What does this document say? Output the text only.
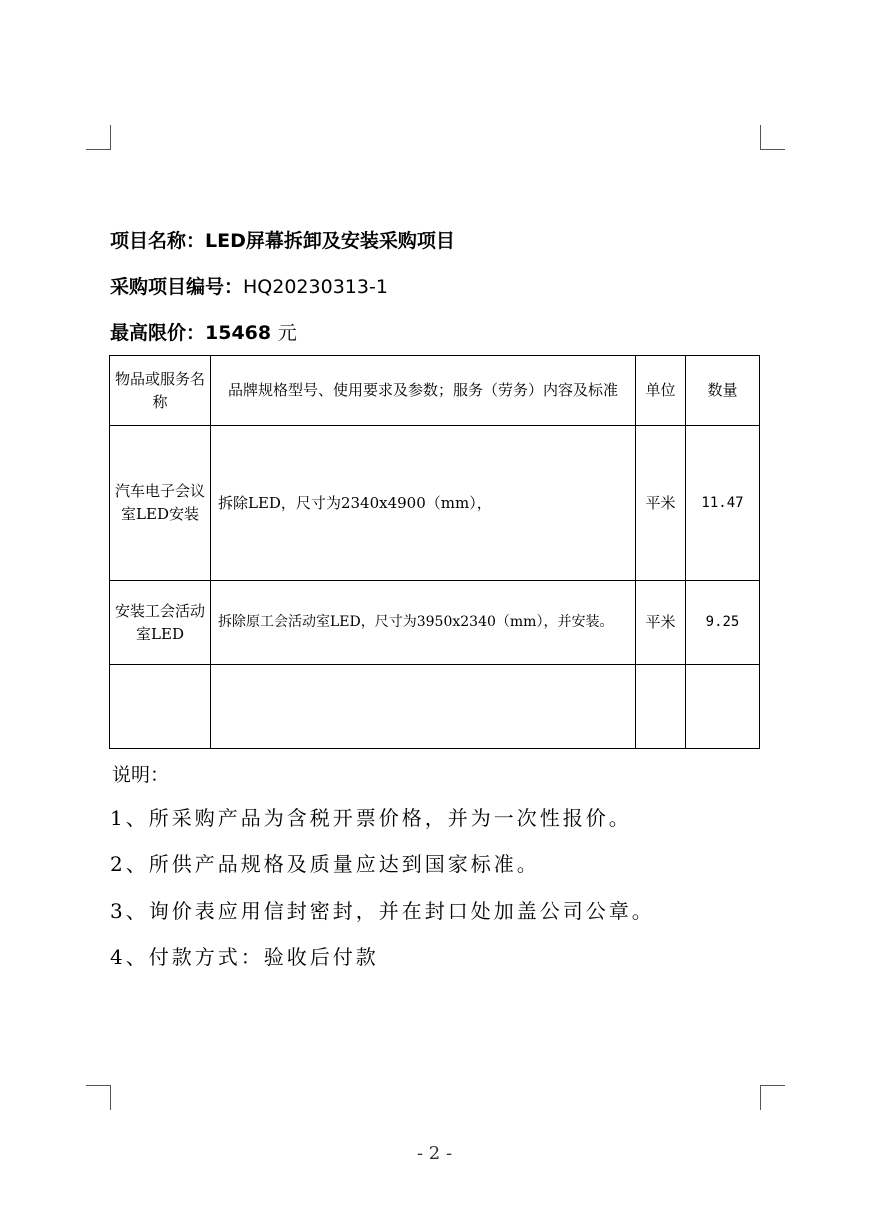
项目名称：LED屏幕拆卸及安装采购项目
采购项目编号：HQ20230313-1
最高限价：15468 元
物品或服务名称	品牌规格型号、使用要求及参数；服务（劳务）内容及标准	单位	数量
汽车电子会议室LED安装	拆除LED，尺寸为2340x4900（mm），	平米	11.47
安装工会活动室LED	拆除原工会活动室LED，尺寸为3950x2340（mm），并安装。	平米	9.25

说明：
1、所采购产品为含税开票价格，并为一次性报价。
2、所供产品规格及质量应达到国家标准。
3、询价表应用信封密封，并在封口处加盖公司公章。
4、付款方式：验收后付款
- 2 -
